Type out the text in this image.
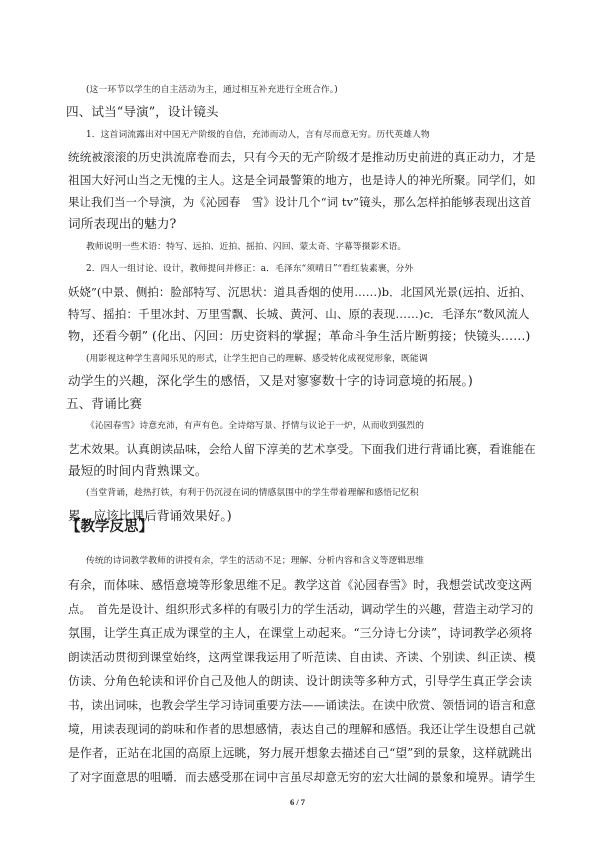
(这一环节以学生的自主活动为主，通过相互补充进行全班合作。)
四、试当“导演”，设计镜头
1．这首词流露出对中国无产阶级的自信，充沛而动人，言有尽而意无穷。历代英雄人物
统统被滚滚的历史洪流席卷而去，只有今天的无产阶级才是推动历史前进的真正动力，才是
祖国大好河山当之无愧的主人。这是全词最警策的地方，也是诗人的神光所聚。同学们，如
果让我们当一个导演，为《沁园春　雪》设计几个“词 tv”镜头，那么怎样拍能够表现出这首
词所表现出的魅力?
教师说明一些术语：特写、远拍、近拍、摇拍、闪回、蒙太奇、字幕等摄影术语。
2．四人一组讨论、设计，教师提问并修正：a．毛泽东“须晴日”“看红装素裹，分外
妖娆”(中景、侧拍：脸部特写、沉思状：道具香烟的使用……)b．北国风光景(远拍、近拍、
特写、摇拍：千里冰封、万里雪飘、长城、黄河、山、原的表现……)c．毛泽东“数风流人
物，还看今朝” (化出、闪回：历史资料的掌握；革命斗争生活片断剪接；快镜头……)
(用影视这种学生喜闻乐见的形式，让学生把自己的理解、感受转化成视觉形象，既能调
动学生的兴趣，深化学生的感悟，又是对寥寥数十字的诗词意境的拓展。)
五、背诵比赛
《沁园春雪》诗意充沛，有声有色。全诗熔写景、抒情与议论于一炉，从而收到强烈的
艺术效果。认真朗读品味，会给人留下淳美的艺术享受。下面我们进行背诵比赛，看谁能在
最短的时间内背熟课文。
(当堂背诵，趁热打铁，有利于仍沉浸在词的情感氛围中的学生带着理解和感悟记忆积
累，应该比课后背诵效果好。)
【教学反思】
传统的诗词教学教师的讲授有余，学生的活动不足；理解、分析内容和含义等逻辑思维
有余，而体味、感悟意境等形象思维不足。教学这首《沁园春雪》时，我想尝试改变这两
点。　首先是设计、组织形式多样的有吸引力的学生活动，调动学生的兴趣，营造主动学习的
氛围，让学生真正成为课堂的主人，在课堂上动起来。“三分诗七分读”，诗词教学必须将
朗读活动贯彻到课堂始终，这两堂课我运用了听范读、自由读、齐读、个别读、纠正读、模
仿读、分角色轮读和评价自己及他人的朗读、设计朗读等多种方式，引导学生真正学会读
书，读出词味，也教会学生学习诗词重要方法——诵读法。在读中欣赏、领悟词的语言和意
境，用读表现词的韵味和作者的思想感情，表达自己的理解和感悟。我还让学生设想自己就
是作者，正站在北国的高原上远眺，努力展开想象去描述自己“望”到的景象，这样就跳出
了对字面意思的咀嚼．而去感受那在词中言虽尽却意无穷的宏大壮阔的景象和境界。请学生
6 / 7
